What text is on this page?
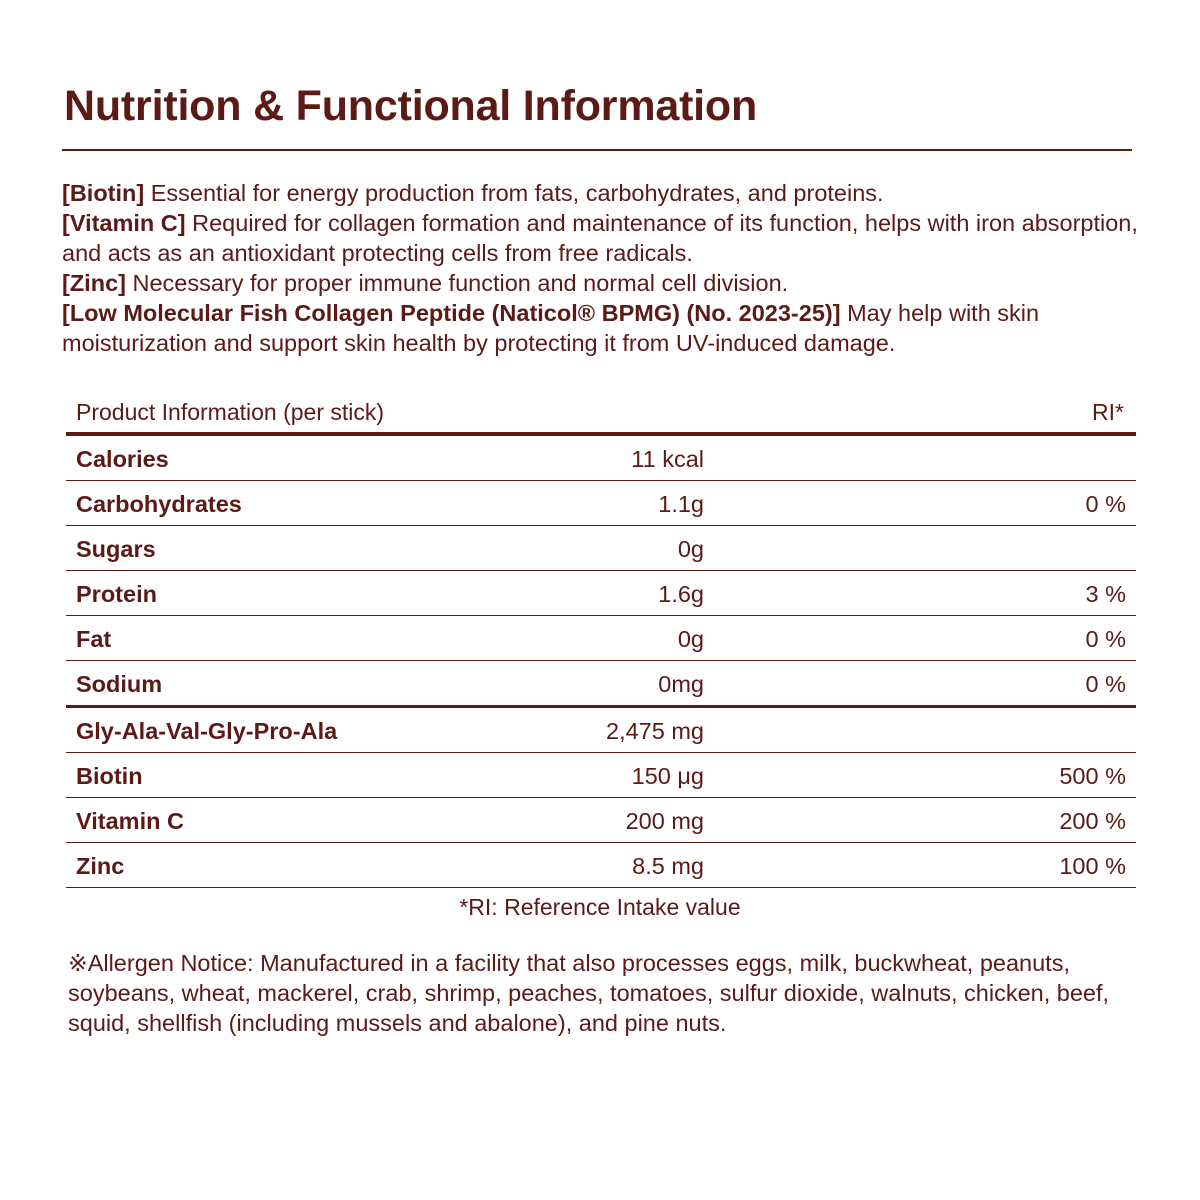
Nutrition & Functional Information

[Biotin] Essential for energy production from fats, carbohydrates, and proteins.

[Vitamin C] Required for collagen formation and maintenance of its function, helps with iron absorption, and acts as an antioxidant protecting cells from free radicals.

[Zinc] Necessary for proper immune function and normal cell division.

[Low Molecular Fish Collagen Peptide (Naticol® BPMG) (No. 2023-25)] May help with skin moisturization and support skin health by protecting it from UV-induced damage.

Product Information (per stick)	RI*
Calories	11 kcal
Carbohydrates	1.1g	0 %
Sugars	0g
Protein	1.6g	3 %
Fat	0g	0 %
Sodium	0mg	0 %
Gly-Ala-Val-Gly-Pro-Ala	2,475 mg
Biotin	150 μg	500 %
Vitamin C	200 mg	200 %
Zinc	8.5 mg	100 %
*RI: Reference Intake value
※Allergen Notice: Manufactured in a facility that also processes eggs, milk, buckwheat, peanuts, soybeans, wheat, mackerel, crab, shrimp, peaches, tomatoes, sulfur dioxide, walnuts, chicken, beef, squid, shellfish (including mussels and abalone), and pine nuts.
